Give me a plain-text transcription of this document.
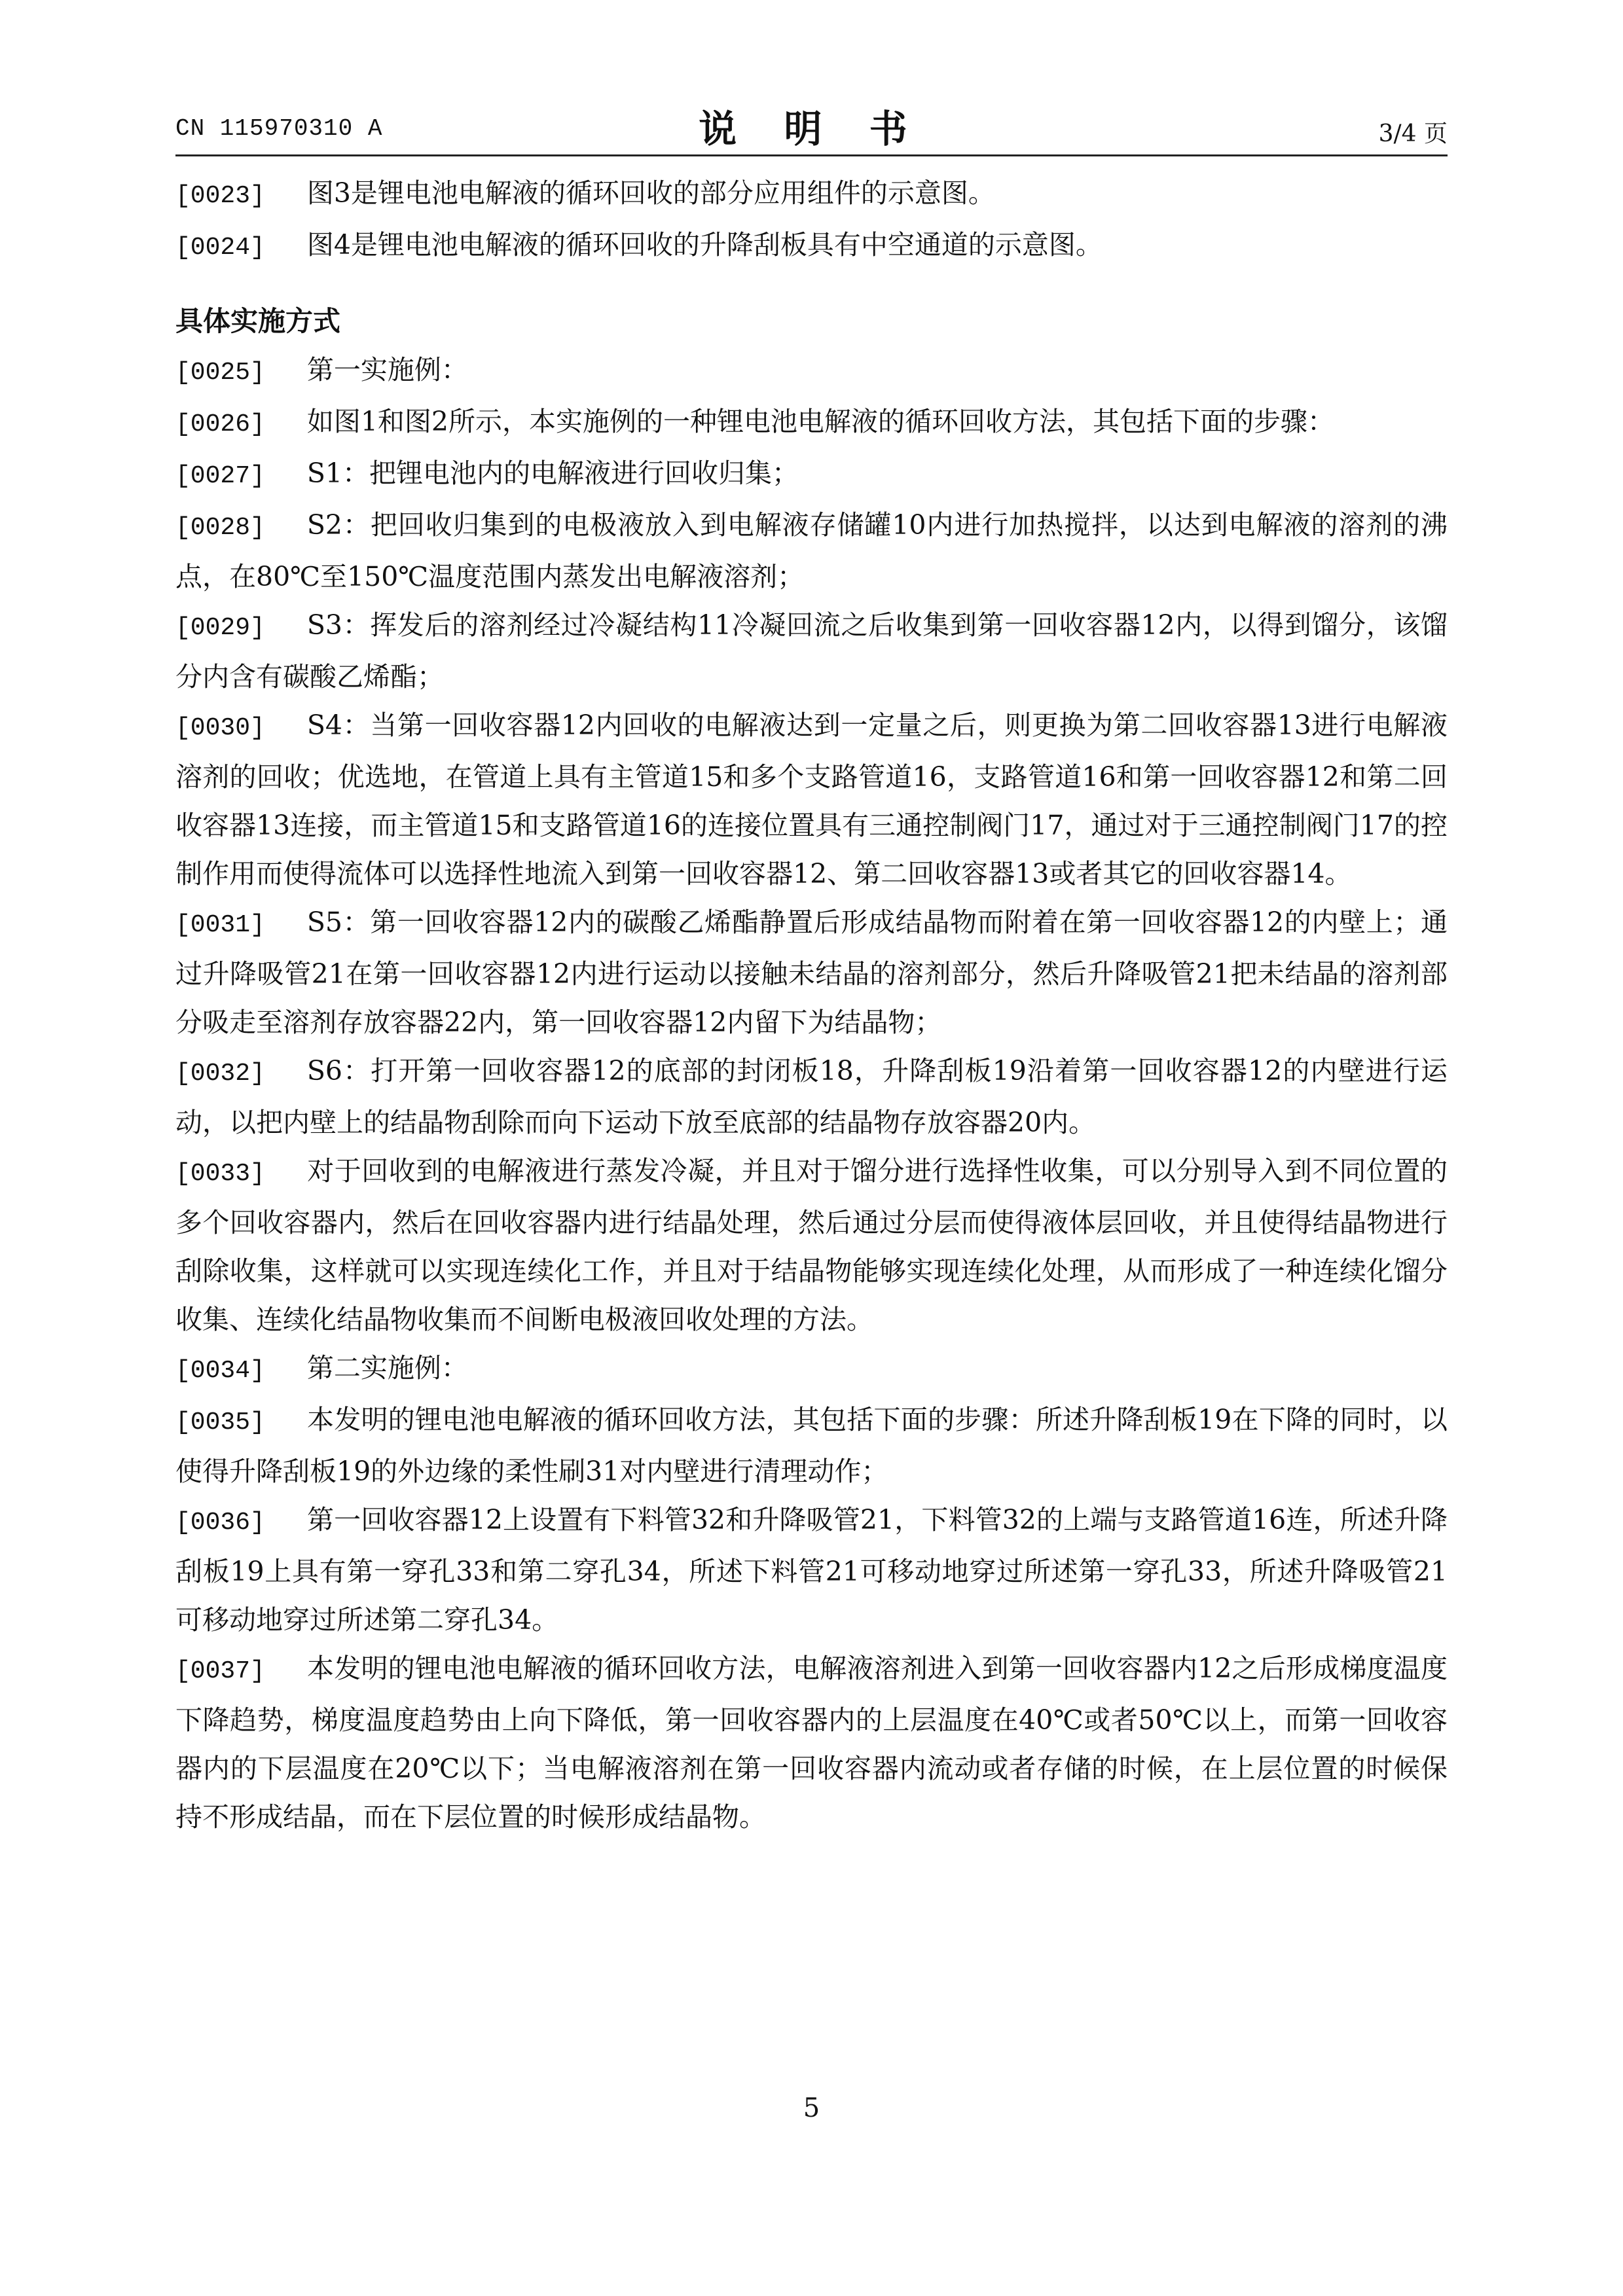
CN 115970310 A	说 明 书	3/4 页

[0023] 图3是锂电池电解液的循环回收的部分应用组件的示意图。

[0024] 图4是锂电池电解液的循环回收的升降刮板具有中空通道的示意图。

具体实施方式

[0025] 第一实施例：

[0026] 如图1和图2所示，本实施例的一种锂电池电解液的循环回收方法，其包括下面的步骤：

[0027] S1：把锂电池内的电解液进行回收归集；

[0028] S2：把回收归集到的电极液放入到电解液存储罐10内进行加热搅拌，以达到电解液的溶剂的沸点，在80℃至150℃温度范围内蒸发出电解液溶剂；

[0029] S3：挥发后的溶剂经过冷凝结构11冷凝回流之后收集到第一回收容器12内，以得到馏分，该馏分内含有碳酸乙烯酯；

[0030] S4：当第一回收容器12内回收的电解液达到一定量之后，则更换为第二回收容器13进行电解液溶剂的回收；优选地，在管道上具有主管道15和多个支路管道16，支路管道16和第一回收容器12和第二回收容器13连接，而主管道15和支路管道16的连接位置具有三通控制阀门17，通过对于三通控制阀门17的控制作用而使得流体可以选择性地流入到第一回收容器12、第二回收容器13或者其它的回收容器14。

[0031] S5：第一回收容器12内的碳酸乙烯酯静置后形成结晶物而附着在第一回收容器12的内壁上；通过升降吸管21在第一回收容器12内进行运动以接触未结晶的溶剂部分，然后升降吸管21把未结晶的溶剂部分吸走至溶剂存放容器22内，第一回收容器12内留下为结晶物；

[0032] S6：打开第一回收容器12的底部的封闭板18，升降刮板19沿着第一回收容器12的内壁进行运动，以把内壁上的结晶物刮除而向下运动下放至底部的结晶物存放容器20内。

[0033] 对于回收到的电解液进行蒸发冷凝，并且对于馏分进行选择性收集，可以分别导入到不同位置的多个回收容器内，然后在回收容器内进行结晶处理，然后通过分层而使得液体层回收，并且使得结晶物进行刮除收集，这样就可以实现连续化工作，并且对于结晶物能够实现连续化处理，从而形成了一种连续化馏分收集、连续化结晶物收集而不间断电极液回收处理的方法。

[0034] 第二实施例：

[0035] 本发明的锂电池电解液的循环回收方法，其包括下面的步骤：所述升降刮板19在下降的同时，以使得升降刮板19的外边缘的柔性刷31对内壁进行清理动作；

[0036] 第一回收容器12上设置有下料管32和升降吸管21，下料管32的上端与支路管道16连，所述升降刮板19上具有第一穿孔33和第二穿孔34，所述下料管21可移动地穿过所述第一穿孔33，所述升降吸管21可移动地穿过所述第二穿孔34。

[0037] 本发明的锂电池电解液的循环回收方法，电解液溶剂进入到第一回收容器内12之后形成梯度温度下降趋势，梯度温度趋势由上向下降低，第一回收容器内的上层温度在40℃或者50℃以上，而第一回收容器内的下层温度在20℃以下；当电解液溶剂在第一回收容器内流动或者存储的时候，在上层位置的时候保持不形成结晶，而在下层位置的时候形成结晶物。

5
